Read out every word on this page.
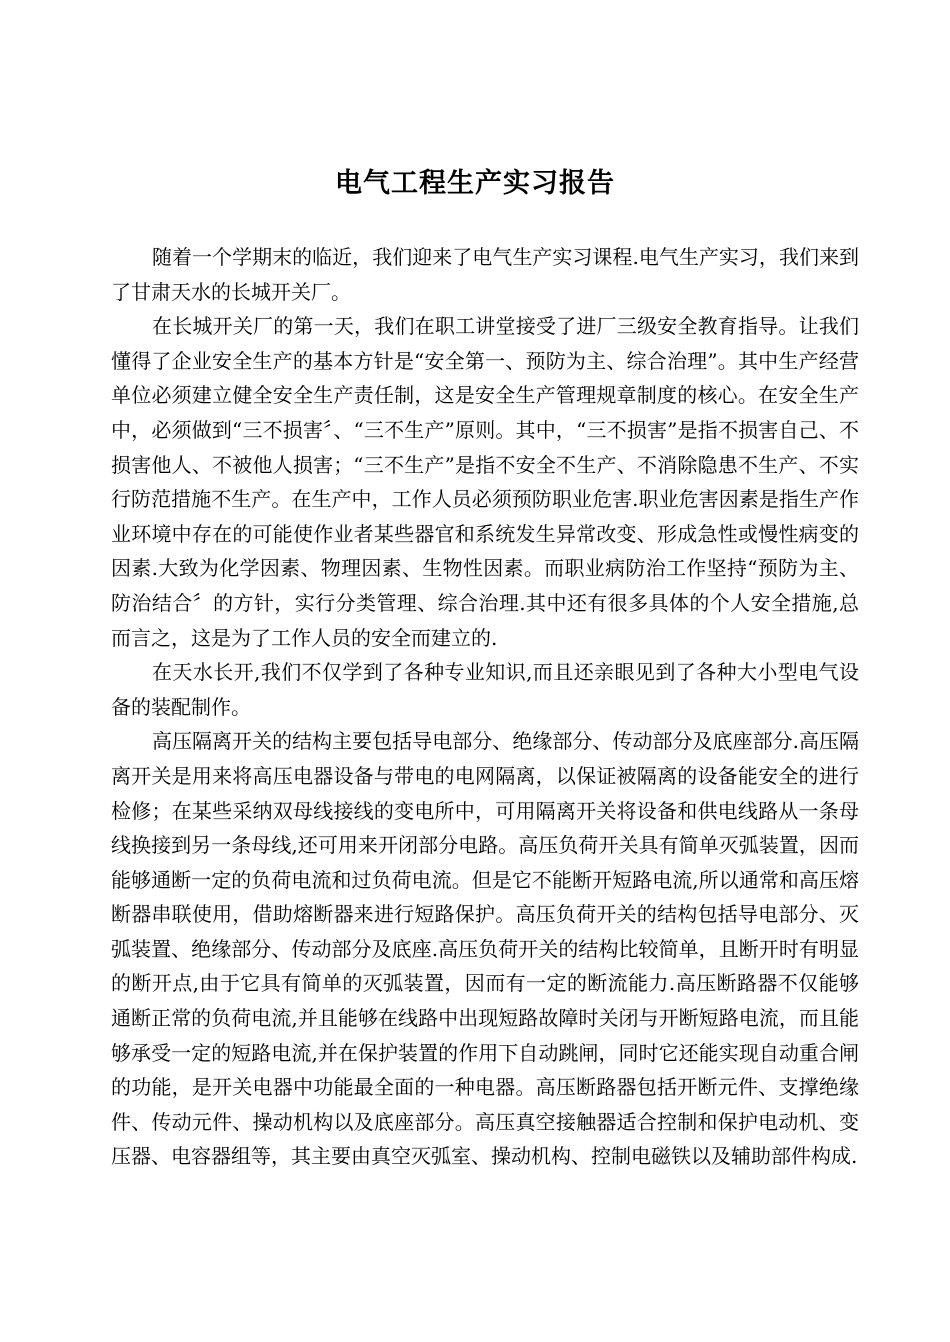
电气工程生产实习报告

随着一个学期末的临近，我们迎来了电气生产实习课程.电气生产实习，我们来到了甘肃天水的长城开关厂。

在长城开关厂的第一天，我们在职工讲堂接受了进厂三级安全教育指导。让我们懂得了企业安全生产的基本方针是“安全第一、预防为主、综合治理”。其中生产经营单位必须建立健全安全生产责任制，这是安全生产管理规章制度的核心。在安全生产中，必须做到“三不损害〞、“三不生产”原则。其中，“三不损害”是指不损害自己、不损害他人、不被他人损害；“三不生产”是指不安全不生产、不消除隐患不生产、不实行防范措施不生产。在生产中，工作人员必须预防职业危害.职业危害因素是指生产作业环境中存在的可能使作业者某些器官和系统发生异常改变、形成急性或慢性病变的因素.大致为化学因素、物理因素、生物性因素。而职业病防治工作坚持“预防为主、防治结合〞的方针，实行分类管理、综合治理.其中还有很多具体的个人安全措施,总而言之，这是为了工作人员的安全而建立的.

在天水长开,我们不仅学到了各种专业知识,而且还亲眼见到了各种大小型电气设备的装配制作。

高压隔离开关的结构主要包括导电部分、绝缘部分、传动部分及底座部分.高压隔离开关是用来将高压电器设备与带电的电网隔离，以保证被隔离的设备能安全的进行检修；在某些采纳双母线接线的变电所中，可用隔离开关将设备和供电线路从一条母线换接到另一条母线,还可用来开闭部分电路。高压负荷开关具有简单灭弧装置，因而能够通断一定的负荷电流和过负荷电流。但是它不能断开短路电流,所以通常和高压熔断器串联使用，借助熔断器来进行短路保护。高压负荷开关的结构包括导电部分、灭弧装置、绝缘部分、传动部分及底座.高压负荷开关的结构比较简单，且断开时有明显的断开点,由于它具有简单的灭弧装置，因而有一定的断流能力.高压断路器不仅能够通断正常的负荷电流,并且能够在线路中出现短路故障时关闭与开断短路电流，而且能够承受一定的短路电流,并在保护装置的作用下自动跳闸，同时它还能实现自动重合闸的功能，是开关电器中功能最全面的一种电器。高压断路器包括开断元件、支撑绝缘件、传动元件、操动机构以及底座部分。高压真空接触器适合控制和保护电动机、变压器、电容器组等，其主要由真空灭弧室、操动机构、控制电磁铁以及辅助部件构成.
